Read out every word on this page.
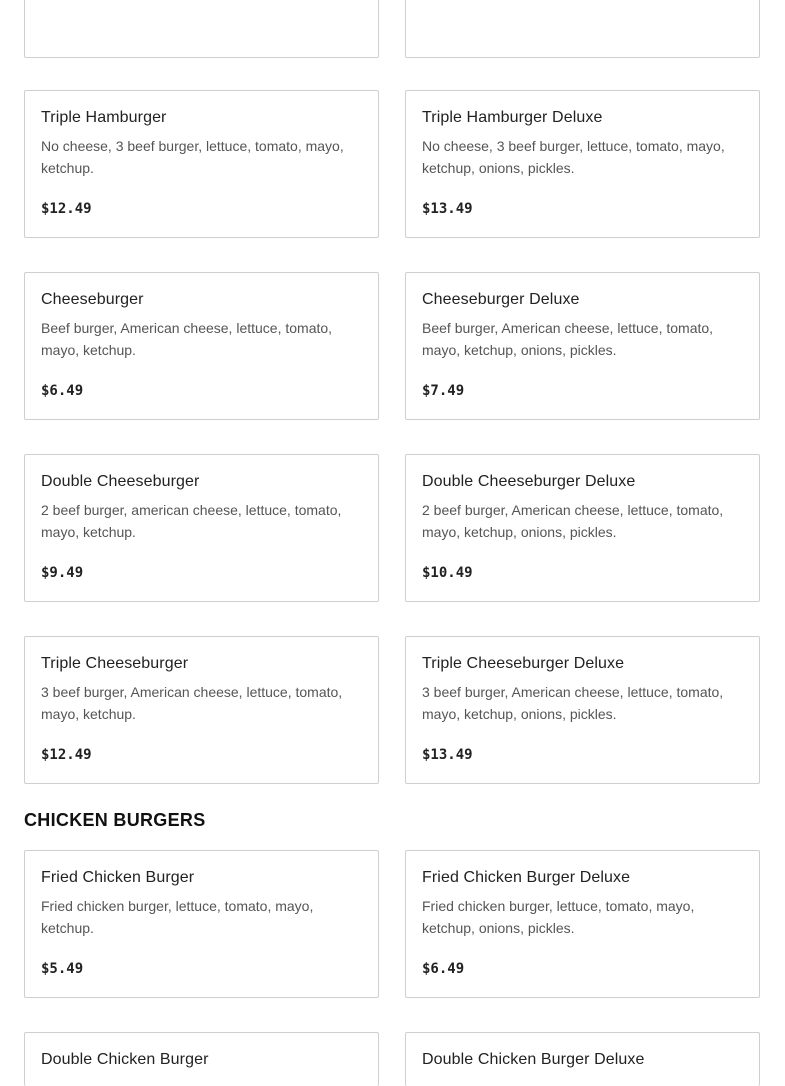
Triple Hamburger
No cheese, 3 beef burger, lettuce, tomato, mayo, ketchup.
$12.49
Triple Hamburger Deluxe
No cheese, 3 beef burger, lettuce, tomato, mayo, ketchup, onions, pickles.
$13.49
Cheeseburger
Beef burger, American cheese, lettuce, tomato, mayo, ketchup.
$6.49
Cheeseburger Deluxe
Beef burger, American cheese, lettuce, tomato, mayo, ketchup, onions, pickles.
$7.49
Double Cheeseburger
2 beef burger, american cheese, lettuce, tomato, mayo, ketchup.
$9.49
Double Cheeseburger Deluxe
2 beef burger, American cheese, lettuce, tomato, mayo, ketchup, onions, pickles.
$10.49
Triple Cheeseburger
3 beef burger, American cheese, lettuce, tomato, mayo, ketchup.
$12.49
Triple Cheeseburger Deluxe
3 beef burger, American cheese, lettuce, tomato, mayo, ketchup, onions, pickles.
$13.49
CHICKEN BURGERS
Fried Chicken Burger
Fried chicken burger, lettuce, tomato, mayo, ketchup.
$5.49
Fried Chicken Burger Deluxe
Fried chicken burger, lettuce, tomato, mayo, ketchup, onions, pickles.
$6.49
Double Chicken Burger	Double Chicken Burger Deluxe
